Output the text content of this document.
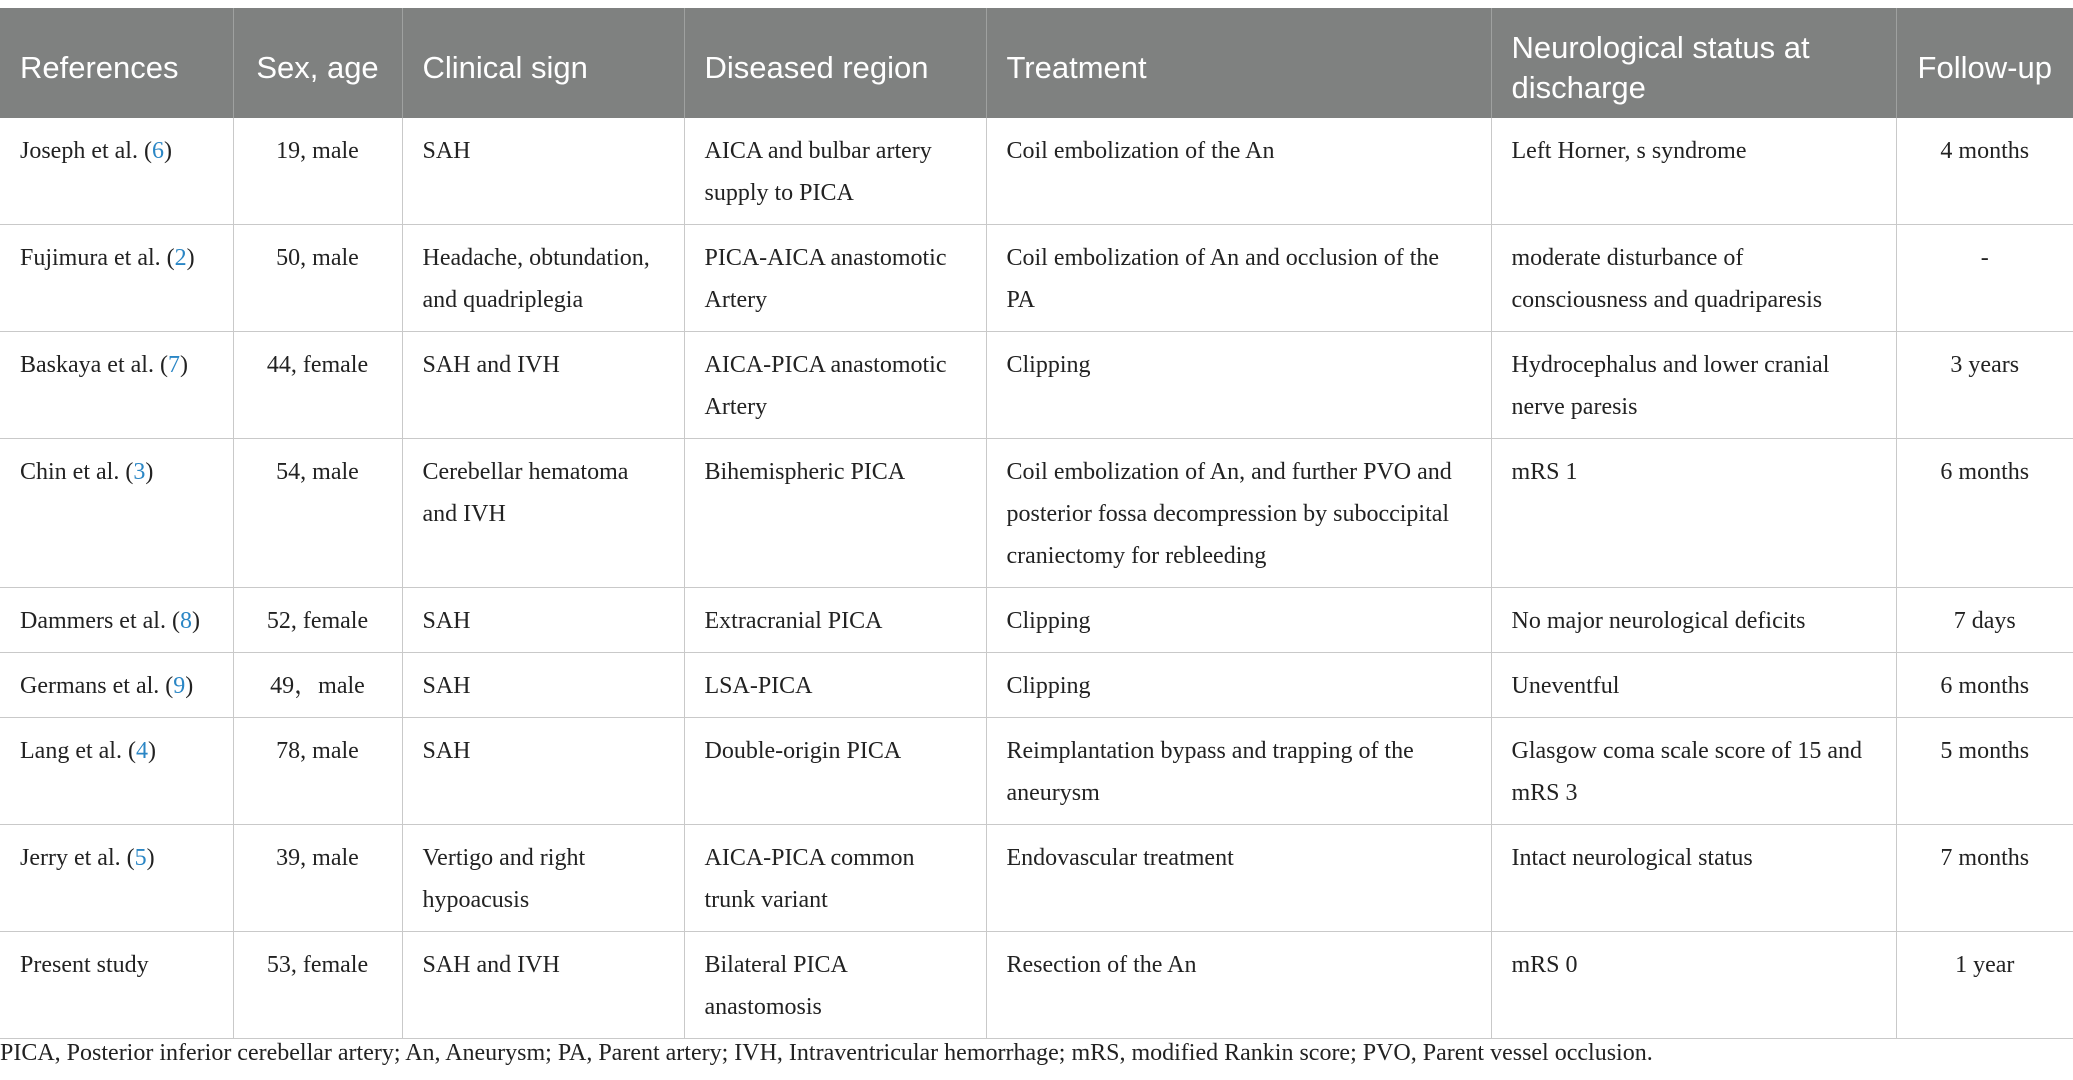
References	Sex, age	Clinical sign	Diseased region	Treatment	Neurological status at discharge	Follow-up
Joseph et al. (6)	19, male	SAH	AICA and bulbar artery supply to PICA	Coil embolization of the An	Left Horner, s syndrome	4 months
Fujimura et al. (2)	50, male	Headache, obtundation, and quadriplegia	PICA-AICA anastomotic Artery	Coil embolization of An and occlusion of the PA	moderate disturbance of consciousness and quadriparesis	-
Baskaya et al. (7)	44, female	SAH and IVH	AICA-PICA anastomotic Artery	Clipping	Hydrocephalus and lower cranial nerve paresis	3 years
Chin et al. (3)	54, male	Cerebellar hematoma and IVH	Bihemispheric PICA	Coil embolization of An, and further PVO and posterior fossa decompression by suboccipital craniectomy for rebleeding	mRS 1	6 months
Dammers et al. (8)	52, female	SAH	Extracranial PICA	Clipping	No major neurological deficits	7 days
Germans et al. (9)	49，male	SAH	LSA-PICA	Clipping	Uneventful	6 months
Lang et al. (4)	78, male	SAH	Double-origin PICA	Reimplantation bypass and trapping of the aneurysm	Glasgow coma scale score of 15 and mRS 3	5 months
Jerry et al. (5)	39, male	Vertigo and right hypoacusis	AICA-PICA common trunk variant	Endovascular treatment	Intact neurological status	7 months
Present study	53, female	SAH and IVH	Bilateral PICA anastomosis	Resection of the An	mRS 0	1 year
PICA, Posterior inferior cerebellar artery; An, Aneurysm; PA, Parent artery; IVH, Intraventricular hemorrhage; mRS, modified Rankin score; PVO, Parent vessel occlusion.
